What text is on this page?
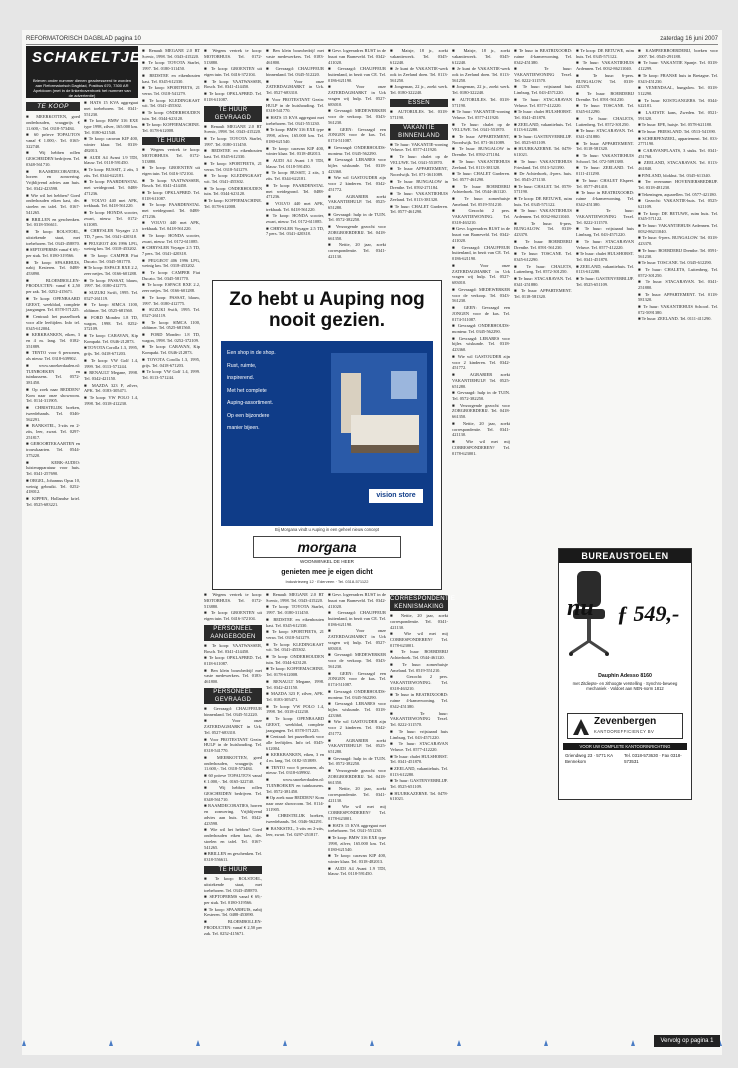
REFORMATORISCH DAGBLAD pagina 10	zaterdag 16 juni 2007
SCHAKELTJES
Brieven onder nummer dienen geadresseerd te worden aan Reformatorisch Dagblad, Postbus 670, 7300 AR Apeldoorn (met in de linkerbovenhoek het nummer van de advertentie)
TE KOOP

■ MEERKOTTEN, goed onderhouden, vraagprijs € 11.600,-. Tel. 0318-573484.

■ 60 pröeve TOPAUTO'S vanaf € 1.000,-. Tel. 0165-322740.

■ Wij hebben rollen GESCHEIDEN bedrijven. Tel. 0348-561710.

■ RAAMDECORATIES, horren en zonwering. Vrijblijvend advies aan huis. Tel. 0342-423598.

■ Wie wil het hebben? Goed onderhouden eiken kast, div. stoelen en tafel. Tel. 0167-541265.

■ BRILLEN en geschenken. Tel. 0318-556611.

■ Te koop: ROLSTOEL, uitstekende staat, met toebehoren. Tel. 0343-458870.

■ SEPTOPERMS vanaf € 69,- per stuk. Tel. 0180-319566.

■ Te koop: SPAARHUIS, nabij Kesteren. Tel. 0488-453890.

■ BLOEMBOLLEN-PRODUCTEN: vanaf € 2,50 per zak. Tel. 0252-415671.

■ Te koop: OPENBAARD GEEST, weekblad, complete jaargangen. Tel. 0578-571225.

■ Centraal: het puzzelboek voor alle leeftijden. Info tel. 0345-612004.

■ KERKBANKEN, eiken, 3 en 4 m. lang. Tel. 0182-351889.

■ TENTO voor 6 personen, als nieuw. Tel. 0318-639902.

■ www.snoekerdaalen.nl: TUINBOEKEN en tuinkussens. Tel. 0572-381450.

■ Op zoek naar BEDDEN? Kom naar onze showroom. Tel. 0114-311905.

■ CHRISTELIJK boeken, tweedehands. Tel. 0346-562291.

■ BANKSTEL, 3-zits en 2-zits, leer, zwart. Tel. 0297-251817.

■ GEBOORTEKAARTEN en trouwkaarten. Tel. 0544-375220.

■ KERK-AUDIO: luisterapparatuur voor huis. Tel. 0341-257690.

■ ORGEL, Johannus Opus 10, weinig gebruikt. Tel. 0252-418012.

■ KIPPEN, Hollandse kriel. Tel. 0525-683221.

■ HATS 15 KVA aggregaat met toebehoren. Tel. 0341-551230.

■ Te koop: BMW 316 EXE type 1998, zilver, 165.000 km. Tel. 0180-621540.

■ Te koop: caravan KIP 400, winter klaar. Tel. 0318-482013.

■ AUDI A4 Avant 1.9 TDI, blauw. Tel. 0118-591450.

■ Te koop: BUSSIT, 2 zits, 3 zits. Tel. 0344-622181.

■ Te koop: PAARDENSTAL met weidegrond. Tel. 0488-471236.

■ VOLVO 440 met APK, trekhaak. Tel. 0418-561220.

■ Te koop: HONDA scooter, zwart, nieuw. Tel. 0172-611085.

■ CHRYSLER Voyager 2.5 TD, 7 pers. Tel. 0341-420318.

■ PEUGEOT 406 1996 LPG, weinig km. Tel. 0318-453202.

■ Te koop: CAMPER Fiat Ducato. Tel. 0345-581770.

■ Te koop: ESPACE RXE 2.2, zeer netjes. Tel. 0166-601288.

■ Te koop: PASSAT, blauw, 1997. Tel. 0180-412775.

■ SUZUKI Swift, 1995. Tel. 0527-261119.

■ Te koop: SIMCA 1100, oldtimer. Tel. 0525-681560.

■ FORD Mondeo 1.8 TD, wagon, 1998. Tel. 0252-372109.

■ Te koop: CARAVAN, Kip Kompakt. Tel. 0346-212873.

■ TOYOTA Corolla 1.3, 1995, grijs. Tel. 0418-671203.

■ Te koop: VW Golf 1.4, 1999. Tel. 0113-571244.

■ RENAULT Megane, 1998. Tel. 0342-421150.

■ MAZDA 323 F, zilver, APK. Tel. 0183-305471.

■ Te koop: VW POLO 1.4, 1998. Tel. 0318-412230.

■ Renault MEGANE 2.0 RT Scenic, 1998. Tel. 0343-415220.

■ Te koop: TOYOTA Starlet, 1997. Tel. 0180-311450.

■ BEDSTEE en eikenhouten kast. Tel. 0345-612330.

■ Te koop: SPORTFIETS, 21 versn. Tel. 0318-541279.

■ Te koop: KLEDINGKAST wit. Tel. 0341-455302.

■ Te koop: ONDERHOUDEN tuin. Tel. 0344-623120.

■ Te koop: KOFFIEMACHINE. Tel. 0178-612008.

TE HUUR

■ Wegens vertrek te koop: MOTORHUIS. Tel. 0172-513880.

■ Te koop: GROENTEN uit eigen tuin. Tel. 0416-372104.

■ Te koop: VAATWASSER, Bosch. Tel. 0341-414450.

■ Te koop: OPKLAPBED. Tel. 0118-611087.

■ Te koop: PAARDENSTAL met weidegrond. Tel. 0488-471236.

■ VOLVO 440 met APK, trekhaak. Tel. 0418-561220.

■ Te koop: HONDA scooter, zwart, nieuw. Tel. 0172-611085.

■ CHRYSLER Voyager 2.5 TD, 7 pers. Tel. 0341-420318.

■ PEUGEOT 406 1996 LPG, weinig km. Tel. 0318-453202.

■ Te koop: CAMPER Fiat Ducato. Tel. 0345-581770.

■ Te koop: ESPACE RXE 2.2, zeer netjes. Tel. 0166-601288.

■ Te koop: PASSAT, blauw, 1997. Tel. 0180-412775.

■ SUZUKI Swift, 1995. Tel. 0527-261119.

■ Te koop: SIMCA 1100, oldtimer. Tel. 0525-681560.

■ FORD Mondeo 1.8 TD, wagon, 1998. Tel. 0252-372109.

■ Te koop: CARAVAN, Kip Kompakt. Tel. 0346-212873.

■ TOYOTA Corolla 1.3, 1995, grijs. Tel. 0418-671203.

■ Te koop: VW Golf 1.4, 1999. Tel. 0113-571244.

■ Wegens vertrek te koop: MOTORHUIS. Tel. 0172-513880.

■ Te koop: GROENTEN uit eigen tuin. Tel. 0416-372104.

■ Te koop: VAATWASSER, Bosch. Tel. 0341-414450.

■ Te koop: OPKLAPBED. Tel. 0118-611087.

TE HUUR GEVRAAGD

■ Renault MEGANE 2.0 RT Scenic, 1998. Tel. 0343-415220.

■ Te koop: TOYOTA Starlet, 1997. Tel. 0180-311450.

■ BEDSTEE en eikenhouten kast. Tel. 0345-612330.

■ Te koop: SPORTFIETS, 21 versn. Tel. 0318-541279.

■ Te koop: KLEDINGKAST wit. Tel. 0341-455302.

■ Te koop: ONDERHOUDEN tuin. Tel. 0344-623120.

■ Te koop: KOFFIEMACHINE. Tel. 0178-612008.

■ Ben klein bouwbedrijf met vaste medewerkers. Tel. 0183-461800.

■ Gevraagd: CHAUFFEUR binnenland. Tel. 0345-512220.

■ Voor onze ZATERDAGMARKT in Urk. Tel. 0527-683310.

■ Voor PROTESTANT Gezin: HULP in de huishouding. Tel. 0318-541770.

■ HATS 15 KVA aggregaat met toebehoren. Tel. 0341-551230.

■ Te koop: BMW 316 EXE type 1998, zilver, 165.000 km. Tel. 0180-621540.

■ Te koop: caravan KIP 400, winter klaar. Tel. 0318-482013.

■ AUDI A4 Avant 1.9 TDI, blauw. Tel. 0118-591450.

■ Te koop: BUSSIT, 2 zits, 3 zits. Tel. 0344-622181.

■ Te koop: PAARDENSTAL met weidegrond. Tel. 0488-471236.

■ VOLVO 440 met APK, trekhaak. Tel. 0418-561220.

■ Te koop: HONDA scooter, zwart, nieuw. Tel. 0172-611085.

■ CHRYSLER Voyager 2.5 TD, 7 pers. Tel. 0341-420318.

■ Gevr. logeeradres RUST in de buurt van Barneveld. Tel. 0342-411020.

■ Gevraagd: CHAUFFEUR buitenland, in bezit van CE. Tel. 0186-621190.

■ Voor onze ZATERDAGMARKT in Urk vragen wij hulp. Tel. 0527-683010.

■ Gevraagd: MEDEWERKER voor de verkoop. Tel. 0343-561230.

■ GEEN: Gevraagd een JONGEN voor de kas. Tel. 0174-511087.

■ Gevraagd: ONDERHOUDS-monteur. Tel. 0345-562290.

■ Gevraagd: LERARES voor bijles wiskunde. Tel. 0318-423360.

■ Wie wil GASTOUDER zijn voor 2 kinderen. Tel. 0342-451772.

■ AGRARIER zoekt VAKANTIEHULP. Tel. 0525-651280.

■ Gevraagd: hulp in de TUIN. Tel. 0572-382250.

■ Verzorgende gezocht voor ZORGBOERDERIJ. Tel. 0418-661350.

■ Nettie, 20 jaar, zoekt correspondentie. Tel. 0341-421130.

■ Maisje, 18 jr., zoekt vakantiewerk. Tel. 0345-612240.

■ Je kunt de VAKANTIE-werk ook in Zeeland doen. Tel. 0113-561250.

■ Jongeman, 22 jr., zoekt werk. Tel. 0180-322240.

ESSEN

■ AUTORIJLES. Tel. 0318-571190.

VAKANTIE BINNENLAND

■ Te huur: VAKANTIE-woning Veluwe. Tel. 0577-411920.

■ Te huur: chalet op de VELUWE. Tel. 0341-551870.

■ Te huur: APPARTEMENT, Noordwijk. Tel. 071-3611089.

■ Te huur: BUNGALOW in Drenthe. Tel. 0592-271184.

■ Te huur: VAKANTIEHUIS Zeeland. Tel. 0113-381320.

■ Te huur: CHALET Garderen. Tel. 0577-461290.

■ Wegens vertrek te koop: MOTORHUIS. Tel. 0172-513880.

■ Te koop: GROENTEN uit eigen tuin. Tel. 0416-372104.

PERSONEEL AANGEBODEN

■ Te koop: VAATWASSER, Bosch. Tel. 0341-414450.

■ Te koop: OPKLAPBED. Tel. 0118-611087.

■ Ben klein bouwbedrijf met vaste medewerkers. Tel. 0183-461800.

PERSONEEL GEVRAAGD

■ Gevraagd: CHAUFFEUR binnenland. Tel. 0345-512220.

■ Voor onze ZATERDAGMARKT in Urk. Tel. 0527-683310.

■ Voor PROTESTANT Gezin: HULP in de huishouding. Tel. 0318-541770.

■ MEERKOTTEN, goed onderhouden, vraagprijs € 11.600,-. Tel. 0318-573484.

■ 60 pröeve TOPAUTO'S vanaf € 1.000,-. Tel. 0165-322740.

■ Wij hebben rollen GESCHEIDEN bedrijven. Tel. 0348-561710.

■ RAAMDECORATIES, horren en zonwering. Vrijblijvend advies aan huis. Tel. 0342-423598.

■ Wie wil het hebben? Goed onderhouden eiken kast, div. stoelen en tafel. Tel. 0167-541265.

■ BRILLEN en geschenken. Tel. 0318-556611.

TE HUUR

■ Te koop: ROLSTOEL, uitstekende staat, met toebehoren. Tel. 0343-458870.

■ SEPTOPERMS vanaf € 69,- per stuk. Tel. 0180-319566.

■ Te koop: SPAARHUIS, nabij Kesteren. Tel. 0488-453890.

■ BLOEMBOLLEN-PRODUCTEN: vanaf € 2,50 per zak. Tel. 0252-415671.

■ Renault MEGANE 2.0 RT Scenic, 1998. Tel. 0343-415220.

■ Te koop: TOYOTA Starlet, 1997. Tel. 0180-311450.

■ BEDSTEE en eikenhouten kast. Tel. 0345-612330.

■ Te koop: SPORTFIETS, 21 versn. Tel. 0318-541279.

■ Te koop: KLEDINGKAST wit. Tel. 0341-455302.

■ Te koop: ONDERHOUDEN tuin. Tel. 0344-623120.

■ Te koop: KOFFIEMACHINE. Tel. 0178-612008.

■ RENAULT Megane, 1998. Tel. 0342-421150.

■ MAZDA 323 F, zilver, APK. Tel. 0183-305471.

■ Te koop: VW POLO 1.4, 1998. Tel. 0318-412230.

■ Te koop: OPENBAARD GEEST, weekblad, complete jaargangen. Tel. 0578-571225.

■ Centraal: het puzzelboek voor alle leeftijden. Info tel. 0345-612004.

■ KERKBANKEN, eiken, 3 en 4 m. lang. Tel. 0182-351889.

■ TENTO voor 6 personen, als nieuw. Tel. 0318-639902.

■ www.snoekerdaalen.nl: TUINBOEKEN en tuinkussens. Tel. 0572-381450.

■ Op zoek naar BEDDEN? Kom naar onze showroom. Tel. 0114-311905.

■ CHRISTELIJK boeken, tweedehands. Tel. 0346-562291.

■ BANKSTEL, 3-zits en 2-zits, leer, zwart. Tel. 0297-251817.

■ Gevr. logeeradres RUST in de buurt van Barneveld. Tel. 0342-411020.

■ Gevraagd: CHAUFFEUR buitenland, in bezit van CE. Tel. 0186-621190.

■ Voor onze ZATERDAGMARKT in Urk vragen wij hulp. Tel. 0527-683010.

■ Gevraagd: MEDEWERKER voor de verkoop. Tel. 0343-561230.

■ GEEN: Gevraagd een JONGEN voor de kas. Tel. 0174-511087.

■ Gevraagd: ONDERHOUDS-monteur. Tel. 0345-562290.

■ Gevraagd: LERARES voor bijles wiskunde. Tel. 0318-423360.

■ Wie wil GASTOUDER zijn voor 2 kinderen. Tel. 0342-451772.

■ AGRARIER zoekt VAKANTIEHULP. Tel. 0525-651280.

■ Gevraagd: hulp in de TUIN. Tel. 0572-382250.

■ Verzorgende gezocht voor ZORGBOERDERIJ. Tel. 0418-661350.

■ Nettie, 20 jaar, zoekt correspondentie. Tel. 0341-421130.

■ Wie wil met mij CORRESPONDEREN? Tel. 0178-623001.

■ HATS 15 KVA aggregaat met toebehoren. Tel. 0341-551230.

■ Te koop: BMW 316 EXE type 1998, zilver, 165.000 km. Tel. 0180-621540.

■ Te koop: caravan KIP 400, winter klaar. Tel. 0318-482013.

■ AUDI A4 Avant 1.9 TDI, blauw. Tel. 0118-591450.

CORRESPONDENTIE KENNISMAKING

■ Nettie, 20 jaar, zoekt correspondentie. Tel. 0341-421130.

■ Wie wil met mij CORRESPONDEREN? Tel. 0178-623001.

■ Te huur: BOERDERIJ Achterhoek. Tel. 0544-461120.

■ Te huur: zomerhuisje Ameland. Tel. 0519-551210.

■ Gezocht: 2 pers. VAKANTIEWONING. Tel. 0318-463210.

■ Te huur in BEATRIXOORD: ruime 4-kamerwoning. Tel. 0342-451380.

■ Te huur: VAKANTIEWONING Texel. Tel. 0222-311570.

■ Te huur: vrijstaand huis Limburg. Tel. 043-4571220.

■ Te huur: STACARAVAN Veluwe. Tel. 0577-412220.

■ Te huur: chalet HULSHORST. Tel. 0341-451870.

■ ZEELAND, vakantiehuis. Tel. 0113-612280.

■ Te huur: GASTENVERBLIJF. Tel. 0525-651109.

■ HUURKAZERNE. Tel. 0478-611021.

■ Maisje, 18 jr., zoekt vakantiewerk. Tel. 0345-612240.

■ Je kunt de VAKANTIE-werk ook in Zeeland doen. Tel. 0113-561250.

■ Jongeman, 22 jr., zoekt werk. Tel. 0180-322240.

■ AUTORIJLES. Tel. 0318-571190.

■ Te huur: VAKANTIE-woning Veluwe. Tel. 0577-411920.

■ Te huur: chalet op de VELUWE. Tel. 0341-551870.

■ Te huur: APPARTEMENT, Noordwijk. Tel. 071-3611089.

■ Te huur: BUNGALOW in Drenthe. Tel. 0592-271184.

■ Te huur: VAKANTIEHUIS Zeeland. Tel. 0113-381320.

■ Te huur: CHALET Garderen. Tel. 0577-461290.

■ Te huur: BOERDERIJ Achterhoek. Tel. 0544-461120.

■ Te huur: zomerhuisje Ameland. Tel. 0519-551210.

■ Gezocht: 2 pers. VAKANTIEWONING. Tel. 0318-463210.

■ Gevr. logeeradres RUST in de buurt van Barneveld. Tel. 0342-411020.

■ Gevraagd: CHAUFFEUR buitenland, in bezit van CE. Tel. 0186-621190.

■ Voor onze ZATERDAGMARKT in Urk vragen wij hulp. Tel. 0527-683010.

■ Gevraagd: MEDEWERKER voor de verkoop. Tel. 0343-561230.

■ GEEN: Gevraagd een JONGEN voor de kas. Tel. 0174-511087.

■ Gevraagd: ONDERHOUDS-monteur. Tel. 0345-562290.

■ Gevraagd: LERARES voor bijles wiskunde. Tel. 0318-423360.

■ Wie wil GASTOUDER zijn voor 2 kinderen. Tel. 0342-451772.

■ AGRARIER zoekt VAKANTIEHULP. Tel. 0525-651280.

■ Gevraagd: hulp in de TUIN. Tel. 0572-382250.

■ Verzorgende gezocht voor ZORGBOERDERIJ. Tel. 0418-661350.

■ Nettie, 20 jaar, zoekt correspondentie. Tel. 0341-421130.

■ Wie wil met mij CORRESPONDEREN? Tel. 0178-623001.

■ Te huur in BEATRIXOORD: ruime 4-kamerwoning. Tel. 0342-451380.

■ Te huur: VAKANTIEWONING Texel. Tel. 0222-311570.

■ Te huur: vrijstaand huis Limburg. Tel. 043-4571220.

■ Te huur: STACARAVAN Veluwe. Tel. 0577-412220.

■ Te huur: chalet HULSHORST. Tel. 0341-451870.

■ ZEELAND, vakantiehuis. Tel. 0113-612280.

■ Te huur: GASTENVERBLIJF. Tel. 0525-651109.

■ HUURKAZERNE. Tel. 0478-611021.

■ Te huur: VAKANTIEHUIS Friesland. Tel. 0513-521390.

■ De Achterhoek, 4-pers. huis. Tel. 0545-271130.

■ Te huur: CHALET. Tel. 0578-571190.

■ Te koop: DE BETUWE, ruim huis. Tel. 0345-571122.

■ Te huur: VAKANTIEHUIS Ardennen. Tel. 0032-86211040.

■ Te huur: 6-pers. BUNGALOW. Tel. 0318-423370.

■ Te huur: BOERDERIJ Drenthe. Tel. 0591-561230.

■ Te huur: TOSCANE. Tel. 0345-612290.

■ Te huur: CHALETS, Luttenberg. Tel. 0572-301250.

■ Te huur: STACARAVAN. Tel. 0341-251880.

■ Te huur: APPARTEMENT. Tel. 0118-581320.

■ Te koop: DE BETUWE, ruim huis. Tel. 0345-571122.

■ Te huur: VAKANTIEHUIS Ardennen. Tel. 0032-86211040.

■ Te huur: 6-pers. BUNGALOW. Tel. 0318-423370.

■ Te huur: BOERDERIJ Drenthe. Tel. 0591-561230.

■ Te huur: TOSCANE. Tel. 0345-612290.

■ Te huur: CHALETS, Luttenberg. Tel. 0572-301250.

■ Te huur: STACARAVAN. Tel. 0341-251880.

■ Te huur: APPARTEMENT. Tel. 0118-581320.

■ Te huur: VAKANTIEHUIS Schoorl. Tel. 072-5091380.

■ Te huur: ZEELAND. Tel. 0111-411290.

■ Te huur: CHALET Elspeet. Tel. 0577-491410.

■ Te huur in BEATRIXOORD: ruime 4-kamerwoning. Tel. 0342-451380.

■ Te huur: VAKANTIEWONING Texel. Tel. 0222-311570.

■ Te huur: vrijstaand huis Limburg. Tel. 043-4571220.

■ Te huur: STACARAVAN Veluwe. Tel. 0577-412220.

■ Te huur: chalet HULSHORST. Tel. 0341-451870.

■ ZEELAND, vakantiehuis. Tel. 0113-612280.

■ Te huur: GASTENVERBLIJF. Tel. 0525-651109.

■ KAMPEERBOERDERIJ, boeken voor 2007. Tel. 0545-291188.

■ Te huur: VAKANTIE Spanje. Tel. 0318-412299.

■ Te koop: FRANSE huis in Bretagne. Tel. 0343-451230.

■ VENENDAAL, bungalow. Tel. 0318-512290.

■ Te huur: KOSTGANGERS. Tel. 0344-622181.

■ LAATSTE kans, Zweden. Tel. 0521-591320.

■ Te huur: EPE, huisje. Tel. 0578-621180.

■ Te huur: FRIESLAND. Tel. 0513-541390.

■ SCHERPENZEEL, appartement. Tel. 033-2771190.

■ CARAVANPLAATS, 3 stuks. Tel. 0341-451760.

■ ZEELAND, STACARAVAN. Tel. 0113-461840.

■ FINLAND, blokhut. Tel. 0345-611340.

■ Ter overname: HOVENIERSBEDRIJF. Tel. 0318-481230.

■ Tekeningen, aquarellen. Tel. 0577-421180.

■ Gezocht: VAKANTIE-huis. Tel. 0525-621109.

■ Te koop: DE BETUWE, ruim huis. Tel. 0345-571122.

■ Te huur: VAKANTIEHUIS Ardennen. Tel. 0032-86211040.

■ Te huur: 6-pers. BUNGALOW. Tel. 0318-423370.

■ Te huur: BOERDERIJ Drenthe. Tel. 0591-561230.

■ Te huur: TOSCANE. Tel. 0345-612290.

■ Te huur: CHALETS, Luttenberg. Tel. 0572-301250.

■ Te huur: STACARAVAN. Tel. 0341-251880.

■ Te huur: APPARTEMENT. Tel. 0118-581320.

■ Te huur: VAKANTIEHUIS Schoorl. Tel. 072-5091380.

■ Te huur: ZEELAND. Tel. 0111-411290.

Zo hebt u Auping nog nooit gezien.
Een shop in de shop.
Rust, ruimte,
inspirerend.
Met het complete
Auping-assortiment.
Op een bijzondere
manier bijeen.
vision store
Bij Morgana vindt u Auping in een geheel nieuw concept
morgana
WOONWINKEL DE HEER
genieten mee je eigen dicht
Industrieweg 12 · Ederveen · Tel. 0318-571122
BUREAUSTOELEN
nu ƒ 549,-
Dauphin Adesso 8160
met Zitdiepte- en zithoogte verstelling · Synchro-beweeg mechaniek · Voldoet aan NEN-norm 1812
Zevenbergen
KANTOOREFFICIENCY BV
VOOR UW COMPLETE KANTOORINRICHTING
Griendweg 23 · 5771 KA Bennekom
Tel. 0318-573630 · Fax 0318-573531
Vervolg op pagina 1
